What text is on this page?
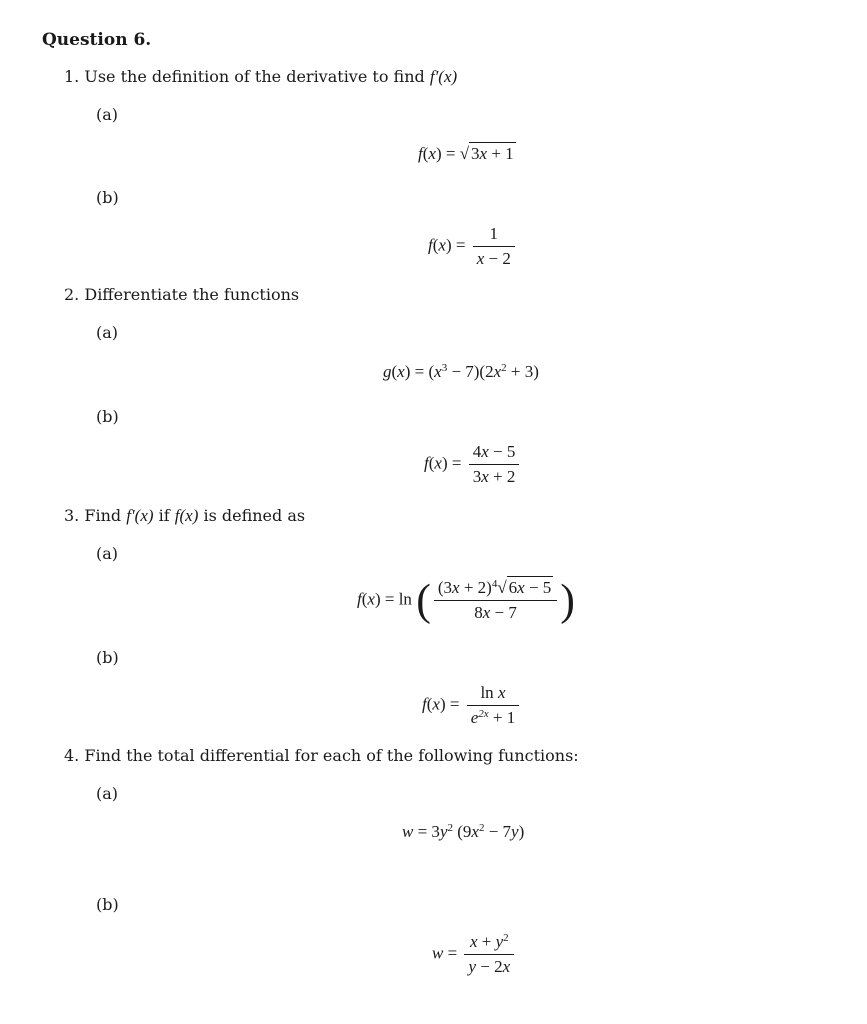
Question 6.
1. Use the definition of the derivative to find f′(x)
(a)
f(x) = √ 3x + 1
(b)
$f(x) = \frac{1}{x - 2}$
2. Differentiate the functions
(a)
$g(x) = (x^3 - 7)(2x^2 + 3)$
(b)
$f(x) = \frac{4x - 5}{3x + 2}$
3. Find f′(x) if f(x) is defined as
(a)
f(x) = ln ( $\frac{(3x + 2)^4√ 6x - 5}{8x - 7}$ )
(b)
$f(x) = \frac{\text{ln x}}{e^{2x} + 1}$
4. Find the total differential for each of the following functions:
(a)
$w = 3y^2$ $(9x^2 - 7y)$
(b)
$w = \frac{x + y^2}{y - 2x}$
